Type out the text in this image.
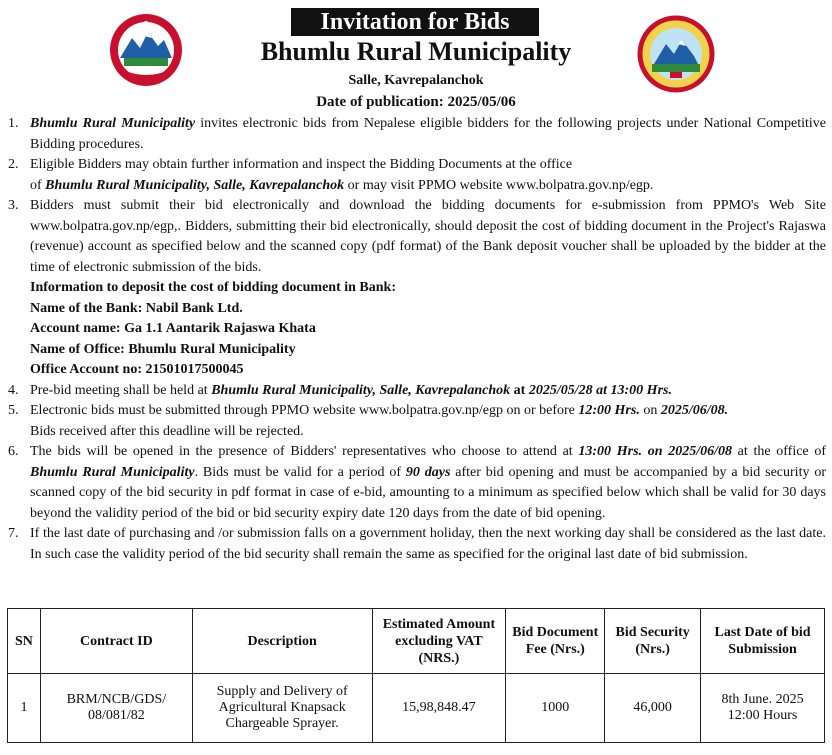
Invitation for Bids
Bhumlu Rural Municipality
Salle, Kavrepalanchok
Date of publication: 2025/05/06
1. Bhumlu Rural Municipality invites electronic bids from Nepalese eligible bidders for the following projects under National Competitive Bidding procedures.

2. Eligible Bidders may obtain further information and inspect the Bidding Documents at the office
of Bhumlu Rural Municipality, Salle, Kavrepalanchok or may visit PPMO website www.bolpatra.gov.np/egp.

3. Bidders must submit their bid electronically and download the bidding documents for e-submission from PPMO's Web Site www.bolpatra.gov.np/egp,. Bidders, submitting their bid electronically, should deposit the cost of bidding document in the Project's Rajaswa (revenue) account as specified below and the scanned copy (pdf format) of the Bank deposit voucher shall be uploaded by the bidder at the time of electronic submission of the bids.

Information to deposit the cost of bidding document in Bank:
Name of the Bank: Nabil Bank Ltd.
Account name: Ga 1.1 Aantarik Rajaswa Khata
Name of Office: Bhumlu Rural Municipality
Office Account no: 21501017500045
4. Pre-bid meeting shall be held at Bhumlu Rural Municipality, Salle, Kavrepalanchok at 2025/05/28 at 13:00 Hrs.

5. Electronic bids must be submitted through PPMO website www.bolpatra.gov.np/egp on or before 12:00 Hrs. on 2025/06/08.
Bids received after this deadline will be rejected.

6. The bids will be opened in the presence of Bidders' representatives who choose to attend at 13:00 Hrs. on 2025/06/08 at the office of Bhumlu Rural Municipality. Bids must be valid for a period of 90 days after bid opening and must be accompanied by a bid security or scanned copy of the bid security in pdf format in case of e-bid, amounting to a minimum as specified below which shall be valid for 30 days beyond the validity period of the bid or bid security expiry date 120 days from the date of bid opening.

7. If the last date of purchasing and /or submission falls on a government holiday, then the next working day shall be considered as the last date. In such case the validity period of the bid security shall remain the same as specified for the original last date of bid submission.

SN	Contract ID	Description	Estimated Amount excluding VAT (NRS.)	Bid Document Fee (Nrs.)	Bid Security (Nrs.)	Last Date of bid Submission
1	BRM/NCB/GDS/ 08/081/82	Supply and Delivery of Agricultural Knapsack Chargeable Sprayer.	15,98,848.47	1000	46,000	8th June. 2025
12:00 Hours
